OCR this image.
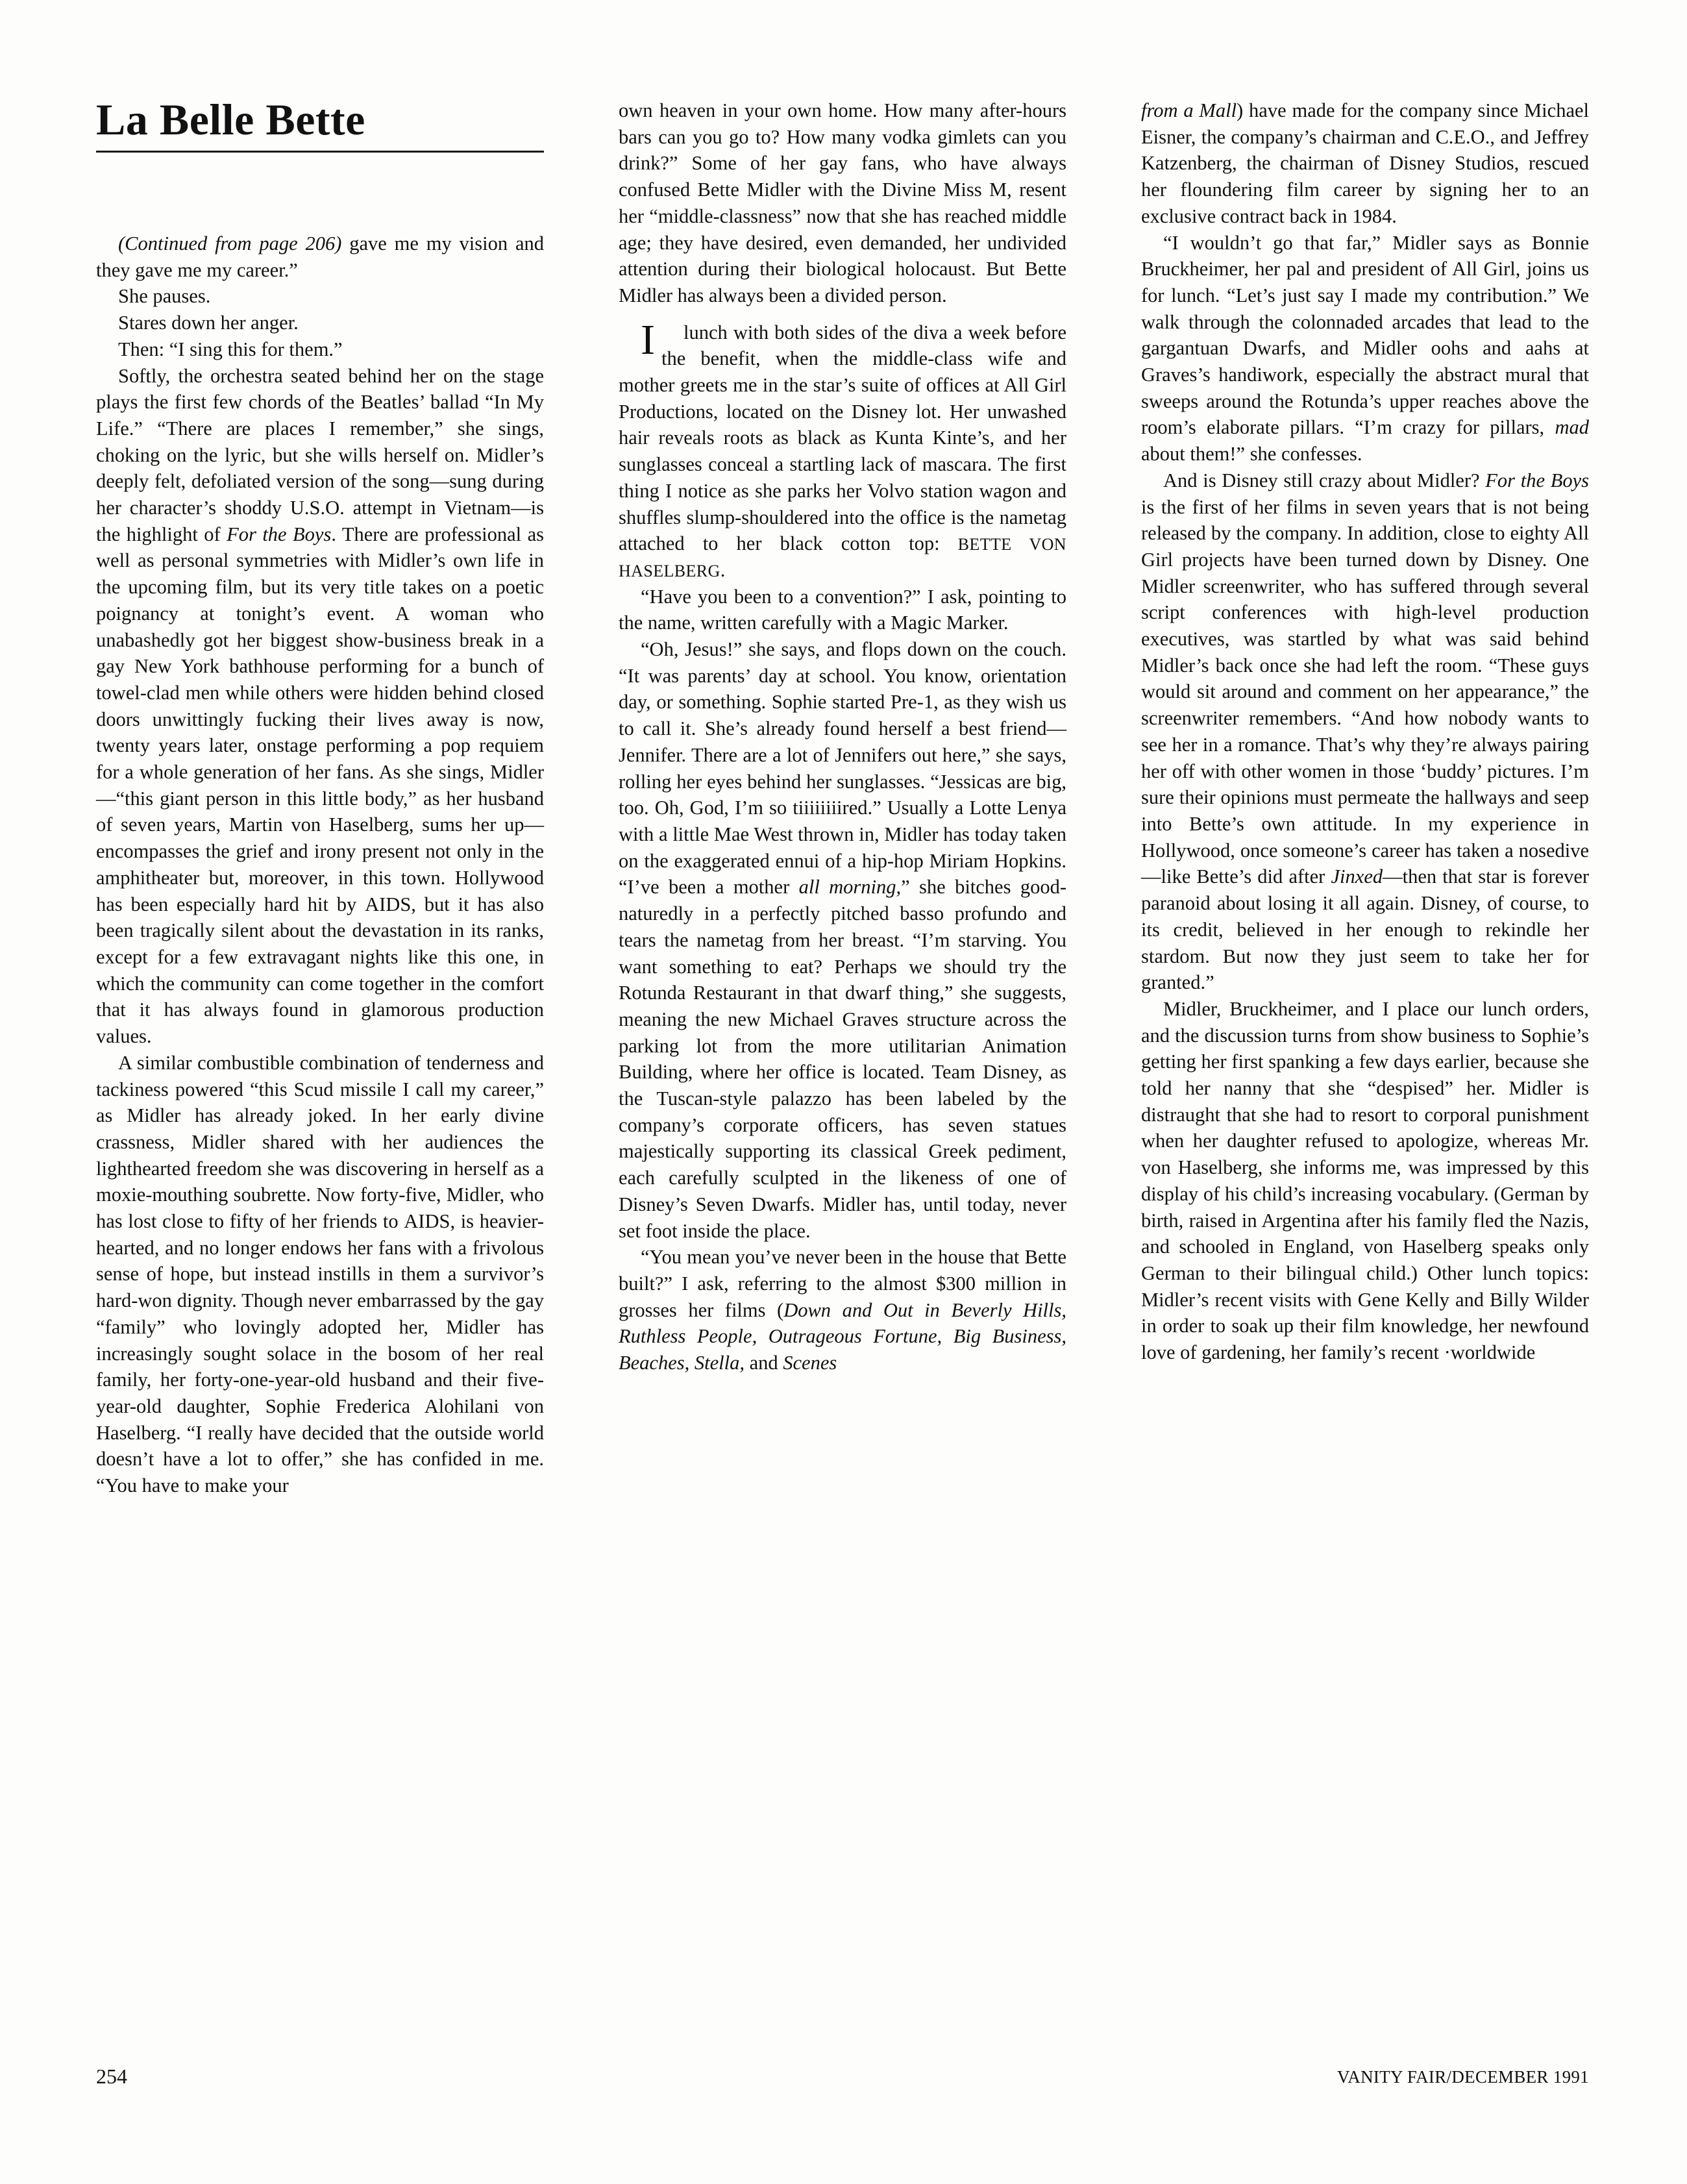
La Belle Bette

(Continued from page 206) gave me my vision and they gave me my career.”

She pauses.

Stares down her anger.

Then: “I sing this for them.”

Softly, the orchestra seated behind her on the stage plays the first few chords of the Beatles’ ballad “In My Life.” “There are places I remember,” she sings, choking on the lyric, but she wills herself on. Midler’s deeply felt, defoliated version of the song—sung during her character’s shoddy U.S.O. attempt in Vietnam—is the highlight of For the Boys. There are professional as well as personal symmetries with Midler’s own life in the upcoming film, but its very title takes on a poetic poignancy at tonight’s event. A woman who unabashedly got her biggest show-business break in a gay New York bathhouse performing for a bunch of towel-clad men while others were hidden behind closed doors unwittingly fucking their lives away is now, twenty years later, onstage performing a pop requiem for a whole generation of her fans. As she sings, Midler—“this giant person in this little body,” as her husband of seven years, Martin von Haselberg, sums her up—encompasses the grief and irony present not only in the amphitheater but, moreover, in this town. Hollywood has been especially hard hit by AIDS, but it has also been tragically silent about the devastation in its ranks, except for a few extravagant nights like this one, in which the community can come together in the comfort that it has always found in glamorous production values.

A similar combustible combination of tenderness and tackiness powered “this Scud missile I call my career,” as Midler has already joked. In her early divine crassness, Midler shared with her audiences the lighthearted freedom she was discovering in herself as a moxie-mouthing soubrette. Now forty-five, Midler, who has lost close to fifty of her friends to AIDS, is heavier-hearted, and no longer endows her fans with a frivolous sense of hope, but instead instills in them a survivor’s hard-won dignity. Though never embarrassed by the gay “family” who lovingly adopted her, Midler has increasingly sought solace in the bosom of her real family, her forty-one-year-old husband and their five-year-old daughter, Sophie Frederica Alohilani von Haselberg. “I really have decided that the outside world doesn’t have a lot to offer,” she has confided in me. “You have to make your

own heaven in your own home. How many after-hours bars can you go to? How many vodka gimlets can you drink?” Some of her gay fans, who have always confused Bette Midler with the Divine Miss M, resent her “middle-classness” now that she has reached middle age; they have desired, even demanded, her undivided attention during their biological holocaust. But Bette Midler has always been a divided person.

I	lunch with both sides of the diva a week before the benefit, when the middle-class wife and mother greets me in the star’s suite of offices at All Girl Productions, located on the Disney lot. Her unwashed hair reveals roots as black as Kunta Kinte’s, and her sunglasses conceal a startling lack of mascara. The first thing I notice as she parks her Volvo station wagon and shuffles slump-shouldered into the office is the nametag attached to her black cotton top: BETTE VON HASELBERG.

“Have you been to a convention?” I ask, pointing to the name, written carefully with a Magic Marker.

“Oh, Jesus!” she says, and flops down on the couch. “It was parents’ day at school. You know, orientation day, or something. Sophie started Pre-1, as they wish us to call it. She’s already found herself a best friend—Jennifer. There are a lot of Jennifers out here,” she says, rolling her eyes behind her sunglasses. “Jessicas are big, too. Oh, God, I’m so tiiiiiiiired.” Usually a Lotte Lenya with a little Mae West thrown in, Midler has today taken on the exaggerated ennui of a hip-hop Miriam Hopkins. “I’ve been a mother all morning,” she bitches good-naturedly in a perfectly pitched basso profundo and tears the nametag from her breast. “I’m starving. You want something to eat? Perhaps we should try the Rotunda Restaurant in that dwarf thing,” she suggests, meaning the new Michael Graves structure across the parking lot from the more utilitarian Animation Building, where her office is located. Team Disney, as the Tuscan-style palazzo has been labeled by the company’s corporate officers, has seven statues majestically supporting its classical Greek pediment, each carefully sculpted in the likeness of one of Disney’s Seven Dwarfs. Midler has, until today, never set foot inside the place.

“You mean you’ve never been in the house that Bette built?” I ask, referring to the almost $300 million in grosses her films (Down and Out in Beverly Hills, Ruthless People, Outrageous Fortune, Big Business, Beaches, Stella, and Scenes

from a Mall) have made for the company since Michael Eisner, the company’s chairman and C.E.O., and Jeffrey Katzenberg, the chairman of Disney Studios, rescued her floundering film career by signing her to an exclusive contract back in 1984.

“I wouldn’t go that far,” Midler says as Bonnie Bruckheimer, her pal and president of All Girl, joins us for lunch. “Let’s just say I made my contribution.” We walk through the colonnaded arcades that lead to the gargantuan Dwarfs, and Midler oohs and aahs at Graves’s handiwork, especially the abstract mural that sweeps around the Rotunda’s upper reaches above the room’s elaborate pillars. “I’m crazy for pillars, mad about them!” she confesses.

And is Disney still crazy about Midler? For the Boys is the first of her films in seven years that is not being released by the company. In addition, close to eighty All Girl projects have been turned down by Disney. One Midler screenwriter, who has suffered through several script conferences with high-level production executives, was startled by what was said behind Midler’s back once she had left the room. “These guys would sit around and comment on her appearance,” the screenwriter remembers. “And how nobody wants to see her in a romance. That’s why they’re always pairing her off with other women in those ‘buddy’ pictures. I’m sure their opinions must permeate the hallways and seep into Bette’s own attitude. In my experience in Hollywood, once someone’s career has taken a nosedive—like Bette’s did after Jinxed—then that star is forever paranoid about losing it all again. Disney, of course, to its credit, believed in her enough to rekindle her stardom. But now they just seem to take her for granted.”

Midler, Bruckheimer, and I place our lunch orders, and the discussion turns from show business to Sophie’s getting her first spanking a few days earlier, because she told her nanny that she “despised” her. Midler is distraught that she had to resort to corporal punishment when her daughter refused to apologize, whereas Mr. von Haselberg, she informs me, was impressed by this display of his child’s increasing vocabulary. (German by birth, raised in Argentina after his family fled the Nazis, and schooled in England, von Haselberg speaks only German to their bilingual child.) Other lunch topics: Midler’s recent visits with Gene Kelly and Billy Wilder in order to soak up their film knowledge, her newfound love of gardening, her family’s recent ·worldwide

254	VANITY FAIR/DECEMBER 1991
